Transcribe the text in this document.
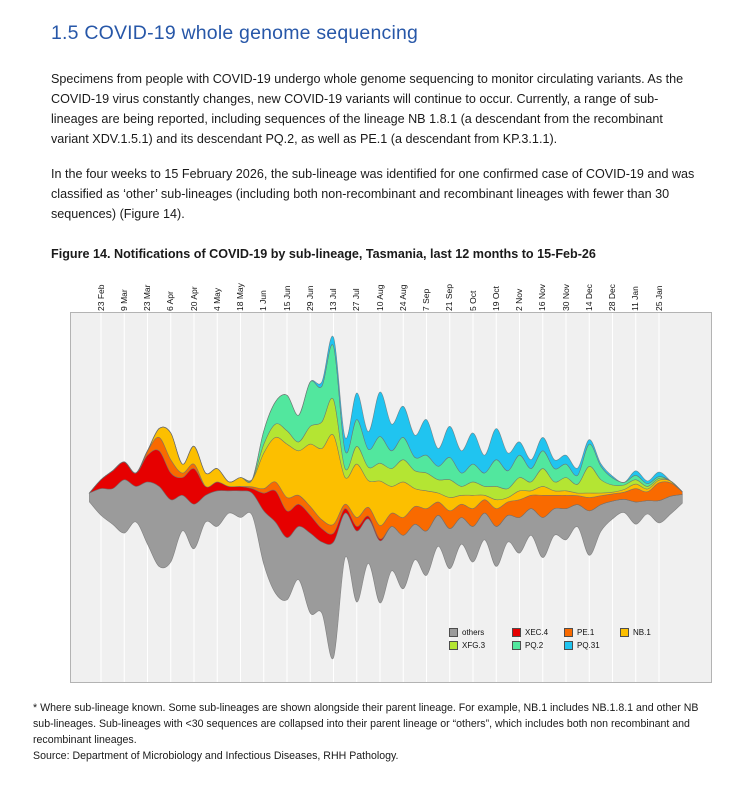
1.5 COVID-19 whole genome sequencing

Specimens from people with COVID-19 undergo whole genome sequencing to monitor circulating variants. As the COVID-19 virus constantly changes, new COVID-19 variants will continue to occur. Currently, a range of sub-lineages are being reported, including sequences of the lineage NB 1.8.1 (a descendant from the recombinant variant XDV.1.5.1) and its descendant PQ.2, as well as PE.1 (a descendant from KP.3.1.1).

In the four weeks to 15 February 2026, the sub-lineage was identified for one confirmed case of COVID-19 and was classified as ‘other’ sub-lineages (including both non-recombinant and recombinant lineages with fewer than 30 sequences) (Figure 14).

Figure 14. Notifications of COVID-19 by sub-lineage, Tasmania, last 12 months to 15-Feb-26

23 Feb 9 Mar 23 Mar 6 Apr 20 Apr 4 May 18 May 1 Jun 15 Jun 29 Jun 13 Jul 27 Jul 10 Aug 24 Aug 7 Sep 21 Sep 5 Oct 19 Oct 2 Nov 16 Nov 30 Nov 14 Dec 28 Dec 11 Jan 25 Jan
others	XEC.4	PE.1	NB.1
XFG.3	PQ.2	PQ.31

* Where sub-lineage known. Some sub-lineages are shown alongside their parent lineage. For example, NB.1 includes NB.1.8.1 and other NB sub-lineages. Sub-lineages with <30 sequences are collapsed into their parent lineage or “others”, which includes both non recombinant and recombinant lineages.

Source: Department of Microbiology and Infectious Diseases, RHH Pathology.
